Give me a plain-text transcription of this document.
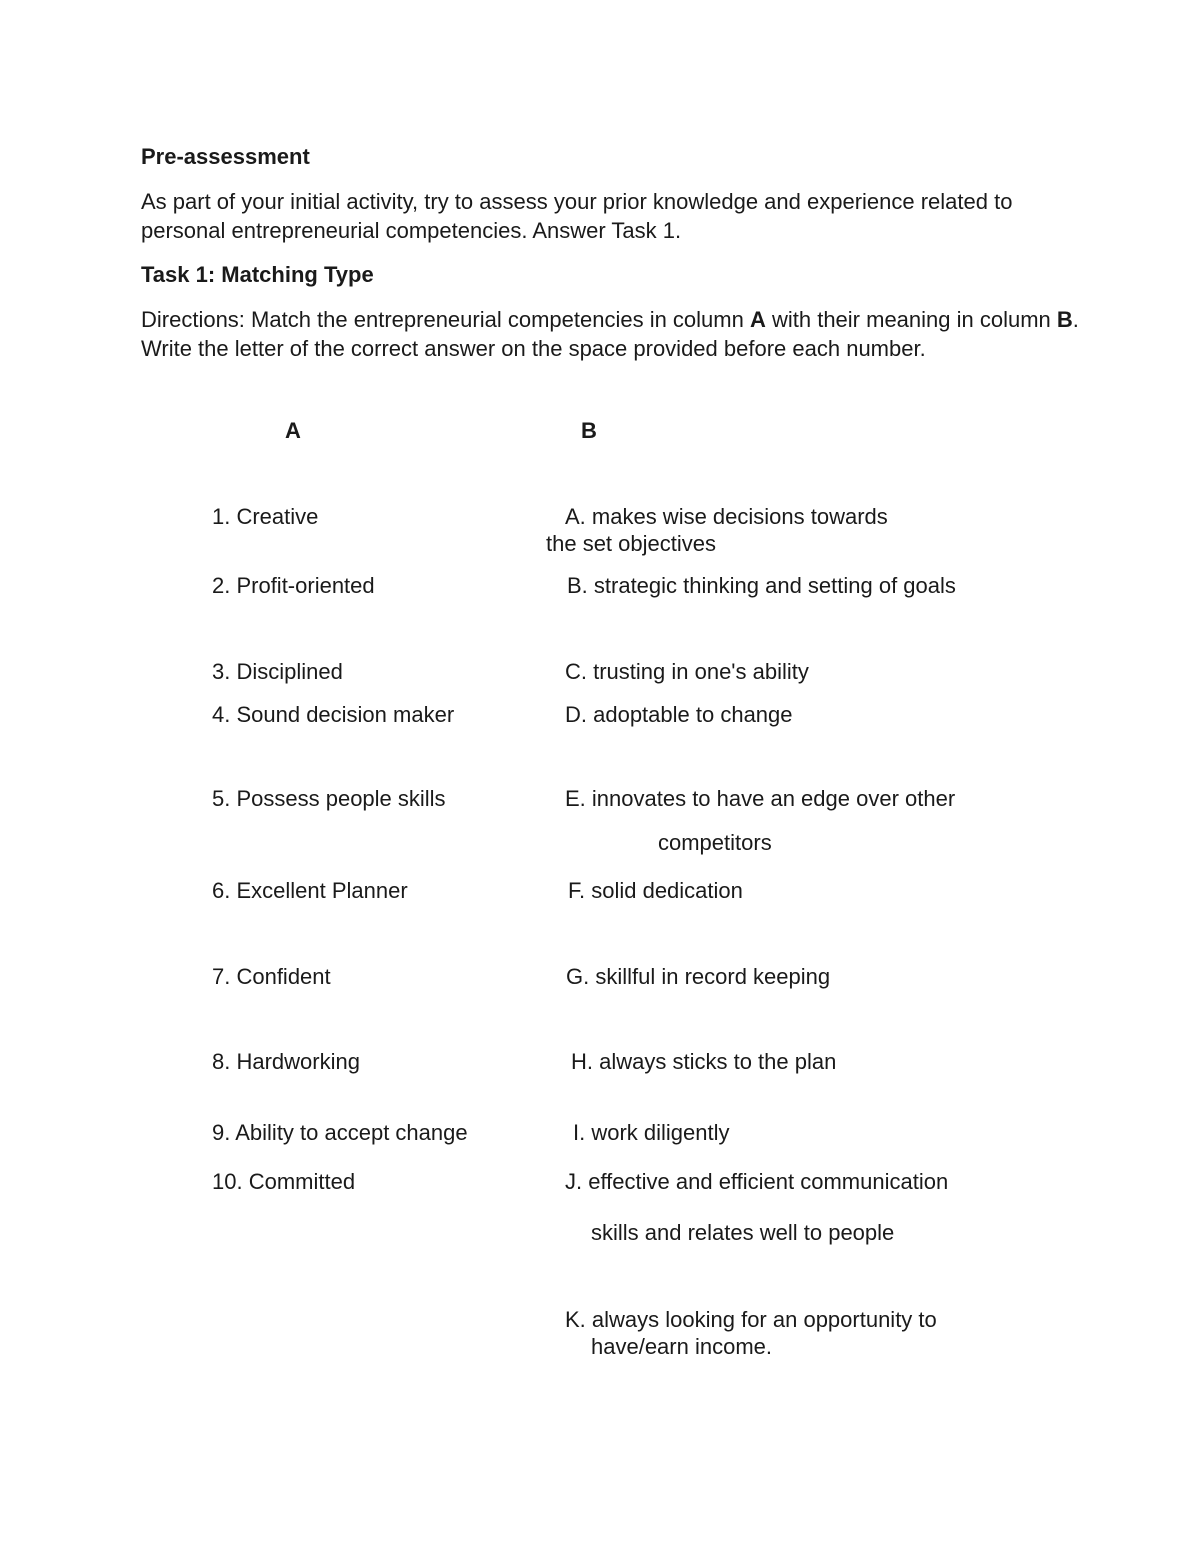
Pre-assessment
As part of your initial activity, try to assess your prior knowledge and experience related to personal entrepreneurial competencies. Answer Task 1.
Task 1: Matching Type
Directions: Match the entrepreneurial competencies in column A with their meaning in column B. Write the letter of the correct answer on the space provided before each number.
A	B
1. Creative
2. Profit-oriented
3. Disciplined
4. Sound decision maker
5. Possess people skills
6. Excellent Planner
7. Confident
8. Hardworking
9. Ability to accept change
10. Committed
A. makes wise decisions towards
the set objectives
B. strategic thinking and setting of goals
C. trusting in one's ability
D. adoptable to change
E. innovates to have an edge over other
competitors
F. solid dedication
G. skillful in record keeping
H. always sticks to the plan
I. work diligently
J. effective and efficient communication
skills and relates well to people
K. always looking for an opportunity to
have/earn income.
